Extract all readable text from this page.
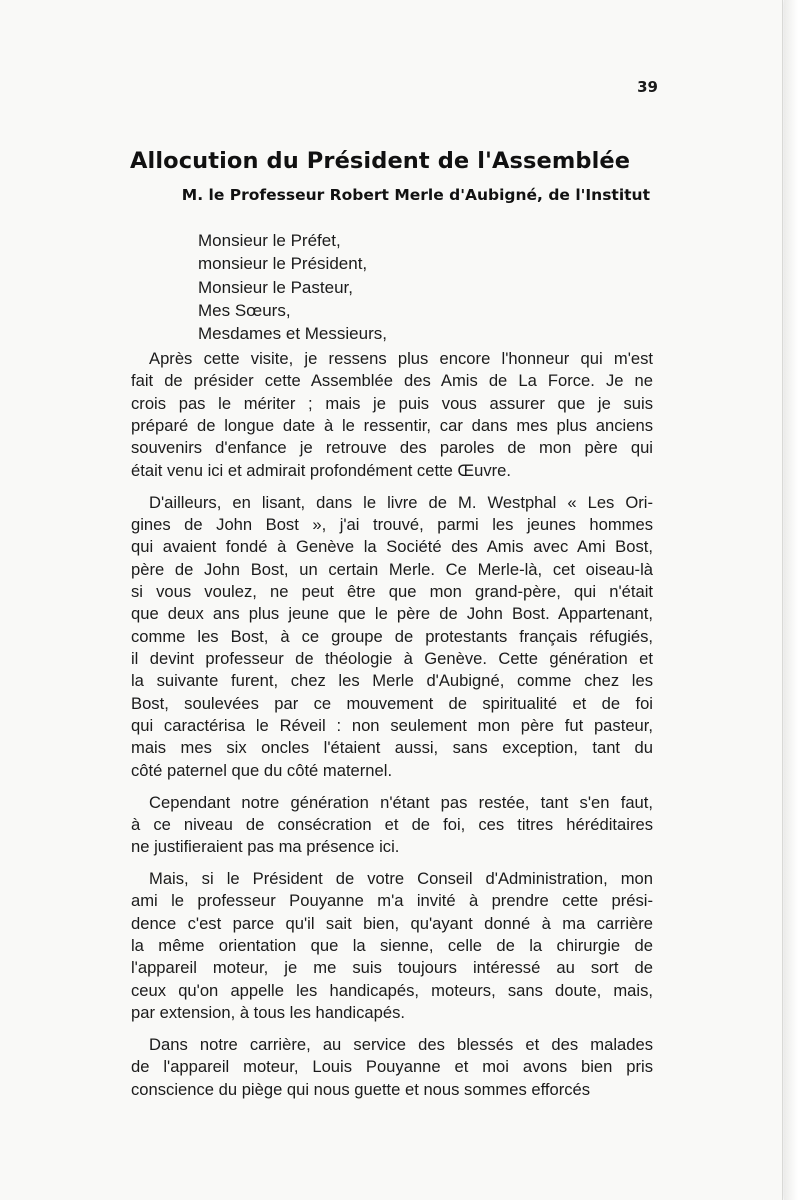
39
Allocution du Président de l'Assemblée
M. le Professeur Robert Merle d'Aubigné, de l'Institut
Monsieur le Préfet,
monsieur le Président,
Monsieur le Pasteur,
Mes Sœurs,
Mesdames et Messieurs,

Après cette visite, je ressens plus encore l'honneur qui m'est
fait de présider cette Assemblée des Amis de La Force. Je ne
crois pas le mériter ; mais je puis vous assurer que je suis
préparé de longue date à le ressentir, car dans mes plus anciens
souvenirs d'enfance je retrouve des paroles de mon père qui
était venu ici et admirait profondément cette Œuvre.

D'ailleurs, en lisant, dans le livre de M. Westphal « Les Ori-
gines de John Bost », j'ai trouvé, parmi les jeunes hommes
qui avaient fondé à Genève la Société des Amis avec Ami Bost,
père de John Bost, un certain Merle. Ce Merle-là, cet oiseau-là
si vous voulez, ne peut être que mon grand-père, qui n'était
que deux ans plus jeune que le père de John Bost. Appartenant,
comme les Bost, à ce groupe de protestants français réfugiés,
il devint professeur de théologie à Genève. Cette génération et
la suivante furent, chez les Merle d'Aubigné, comme chez les
Bost, soulevées par ce mouvement de spiritualité et de foi
qui caractérisa le Réveil : non seulement mon père fut pasteur,
mais mes six oncles l'étaient aussi, sans exception, tant du
côté paternel que du côté maternel.

Cependant notre génération n'étant pas restée, tant s'en faut,
à ce niveau de consécration et de foi, ces titres héréditaires
ne justifieraient pas ma présence ici.

Mais, si le Président de votre Conseil d'Administration, mon
ami le professeur Pouyanne m'a invité à prendre cette prési-
dence c'est parce qu'il sait bien, qu'ayant donné à ma carrière
la même orientation que la sienne, celle de la chirurgie de
l'appareil moteur, je me suis toujours intéressé au sort de
ceux qu'on appelle les handicapés, moteurs, sans doute, mais,
par extension, à tous les handicapés.

Dans notre carrière, au service des blessés et des malades
de l'appareil moteur, Louis Pouyanne et moi avons bien pris
conscience du piège qui nous guette et nous sommes efforcés
